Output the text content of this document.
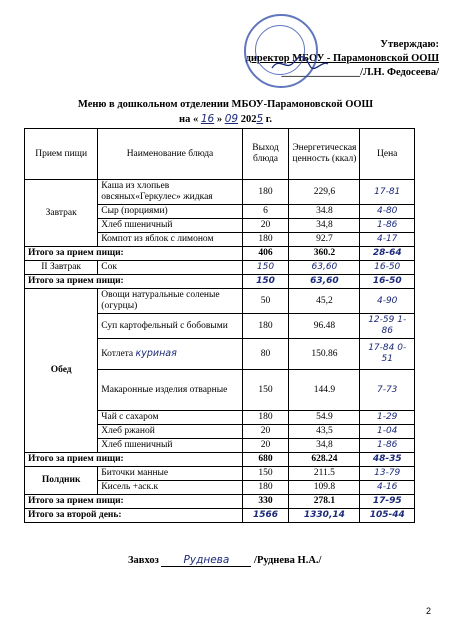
Утверждаю:
директор МБОУ - Парамоновской ООШ
_______________/Л.Н. Федосеева/
Меню в дошкольном отделении МБОУ-Парамоновской ООШ
на « 16 » 09 2025 г.
Прием пищи	Наименование блюда	Выход блюда	Энергетическая ценность (ккал)	Цена
Завтрак	Каша из хлопьев овсяных«Геркулес» жидкая	180	229,6	17-81
	Сыр (порциями)	6	34.8	4-80
	Хлеб пшеничный	20	34,8	1-86
	Компот из яблок с лимоном	180	92.7	4-17
Итого за прием пищи:		406	360.2	28-64
II Завтрак	Сок	150	63,60	16-50
Итого за прием пищи:		150	63,60	16-50
Обед	Овощи натуральные соленые (огурцы)	50	45,2	4-90
	Суп картофельный с бобовыми	180	96.48	12-59 1-86
	Котлета куриная	80	150.86	17-84 0-51
	Макаронные изделия отварные	150	144.9	7-73
	Чай с сахаром	180	54.9	1-29
	Хлеб ржаной	20	43,5	1-04
	Хлеб пшеничный	20	34,8	1-86
Итого за прием пищи:		680	628.24	48-35
Полдник	Биточки манные	150	211.5	13-79
	Кисель +аск.к	180	109.8	4-16
Итого за прием пищи:		330	278.1	17-95
Итого за второй день:		1566	1330,14	105-44
Завхоз Руднева /Руднева Н.А./
2
